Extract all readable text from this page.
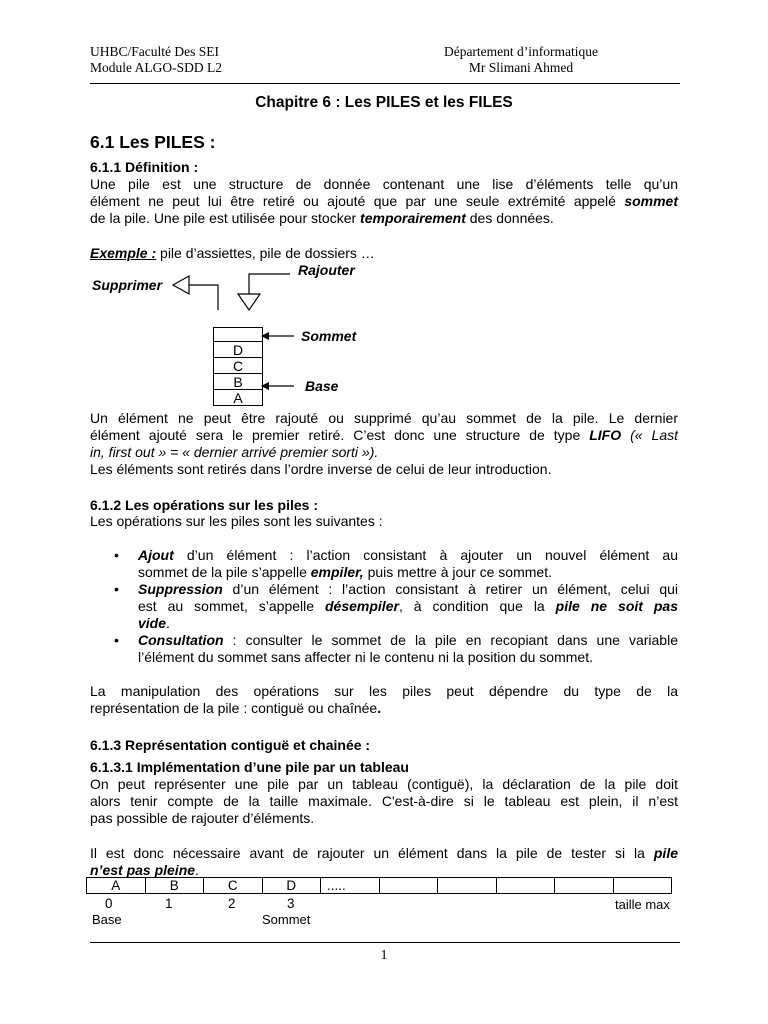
UHBC/Faculté Des SEI
Module ALGO-SDD L2
Département d’informatique
Mr Slimani Ahmed
Chapitre 6 : Les PILES et les FILES
6.1 Les PILES :
6.1.1 Définition :
Une pile est une structure de donnée contenant une lise d’éléments telle qu’un
élément ne peut lui être retiré ou ajouté que par une seule extrémité appelé sommet
de la pile. Une pile est utilisée pour stocker temporairement des données.
Exemple : pile d’assiettes, pile de dossiers …
Rajouter
Supprimer

D
C
B
A
Sommet
Base
Un élément ne peut être rajouté ou supprimé qu’au sommet de la pile. Le dernier
élément ajouté sera le premier retiré. C’est donc une structure de type LIFO (« Last
in, first out » = « dernier arrivé premier sorti »).
Les éléments sont retirés dans l’ordre inverse de celui de leur introduction.
6.1.2 Les opérations sur les piles :
Les opérations sur les piles sont les suivantes :
• Ajout d’un élément : l’action consistant à ajouter un nouvel élément au
sommet de la pile s’appelle empiler, puis mettre à jour ce sommet.
• Suppression d’un élément : l’action consistant à retirer un élément, celui qui
est au sommet, s’appelle désempiler, à condition que la pile ne soit pas
vide.
• Consultation : consulter le sommet de la pile en recopiant dans une variable
l’élément du sommet sans affecter ni le contenu ni la position du sommet.
La manipulation des opérations sur les piles peut dépendre du type de la
représentation de la pile : contiguë ou chaînée.
6.1.3 Représentation contiguë et chainée :
6.1.3.1 Implémentation d’une pile par un tableau
On peut représenter une pile par un tableau (contiguë), la déclaration de la pile doit
alors tenir compte de la taille maximale. C'est-à-dire si le tableau est plein, il n’est
pas possible de rajouter d’éléments.
Il est donc nécessaire avant de rajouter un élément dans la pile de tester si la pile
n’est pas pleine.
A	B	C	D	.....					
0	1	2	3	taille max
Base	Sommet
1
